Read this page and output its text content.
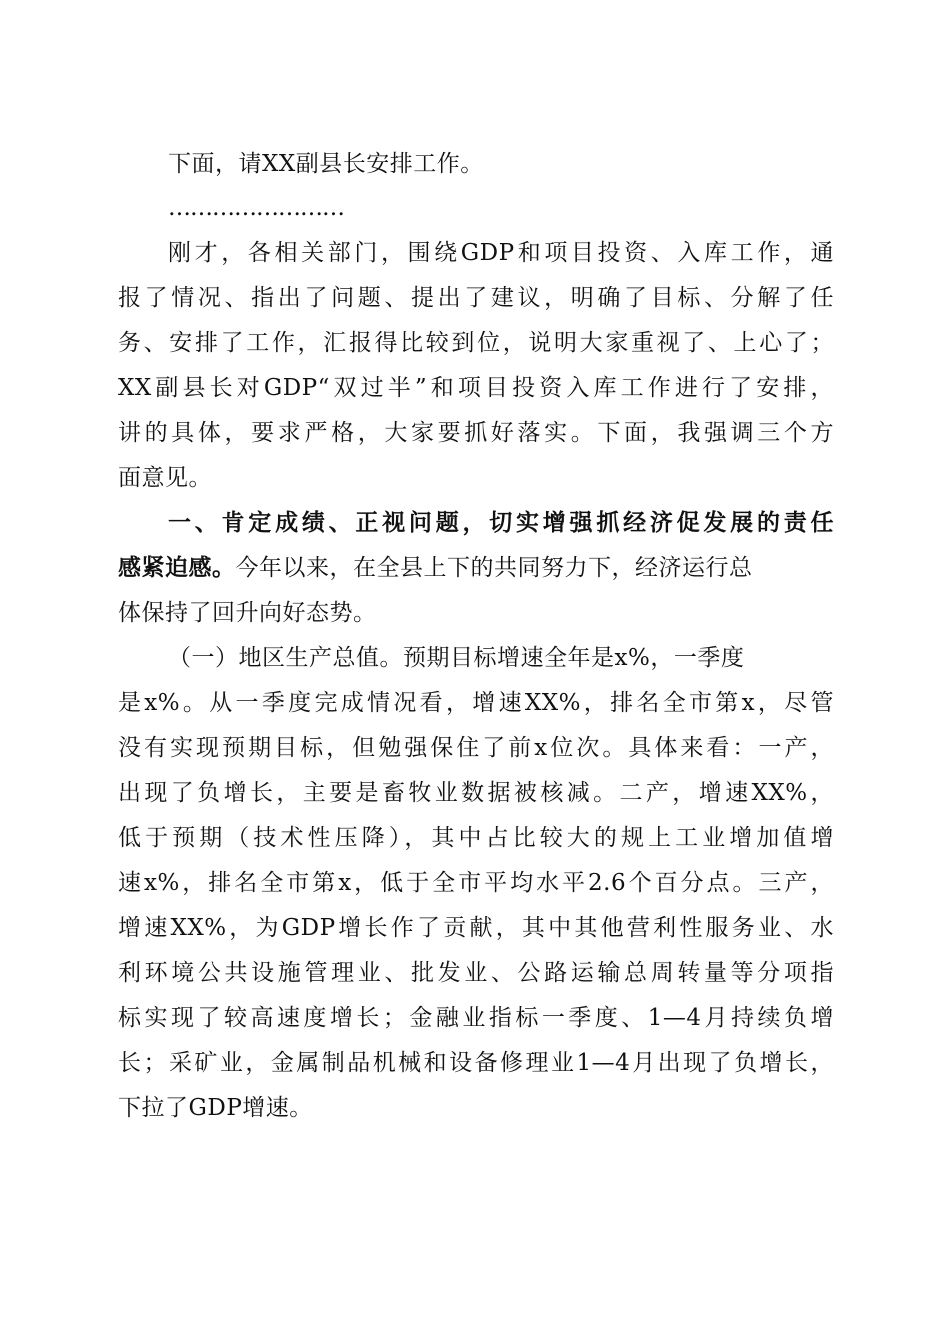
下面，请XX副县长安排工作。
……………………
刚才，各相关部门，围绕GDP和项目投资、入库工作，通
报了情况、指出了问题、提出了建议，明确了目标、分解了任
务、安排了工作，汇报得比较到位，说明大家重视了、上心了；
XX副县长对GDP“双过半”和项目投资入库工作进行了安排，
讲的具体，要求严格，大家要抓好落实。下面，我强调三个方
面意见。
一、肯定成绩、正视问题，切实增强抓经济促发展的责任
感紧迫感。今年以来，在全县上下的共同努力下，经济运行总
体保持了回升向好态势。
（一）地区生产总值。预期目标增速全年是x%，一季度
是x%。从一季度完成情况看，增速XX%，排名全市第x，尽管
没有实现预期目标，但勉强保住了前x位次。具体来看：一产，
出现了负增长，主要是畜牧业数据被核减。二产，增速XX%，
低于预期（技术性压降），其中占比较大的规上工业增加值增
速x%，排名全市第x，低于全市平均水平2.6个百分点。三产，
增速XX%，为GDP增长作了贡献，其中其他营利性服务业、水
利环境公共设施管理业、批发业、公路运输总周转量等分项指
标实现了较高速度增长；金融业指标一季度、1—4月持续负增
长；采矿业，金属制品机械和设备修理业1—4月出现了负增长，
下拉了GDP增速。
